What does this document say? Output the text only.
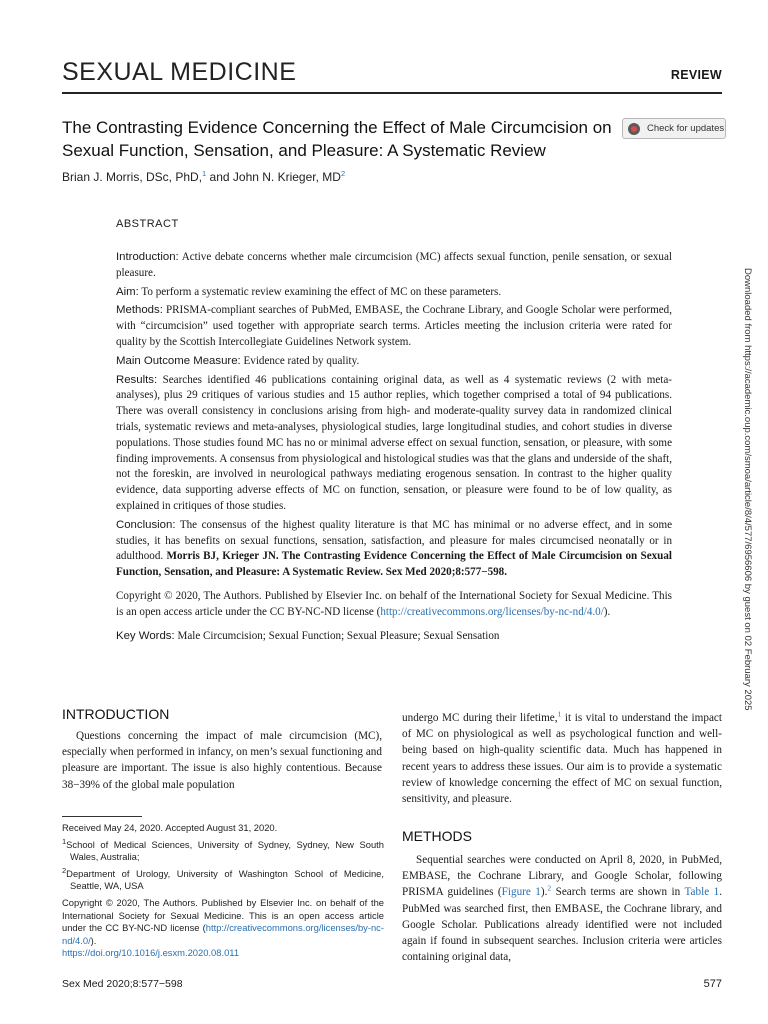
SEXUAL MEDICINE	REVIEW
The Contrasting Evidence Concerning the Effect of Male Circumcision on Sexual Function, Sensation, and Pleasure: A Systematic Review
Check for updates
Brian J. Morris, DSc, PhD,$^1$ and John N. Krieger, $MD^2$
ABSTRACT

Introduction: Active debate concerns whether male circumcision (MC) affects sexual function, penile sensation, or sexual pleasure.

Aim: To perform a systematic review examining the effect of MC on these parameters.

Methods: PRISMA-compliant searches of PubMed, EMBASE, the Cochrane Library, and Google Scholar were performed, with “circumcision” used together with appropriate search terms. Articles meeting the inclusion criteria were rated for quality by the Scottish Intercollegiate Guidelines Network system.

Main Outcome Measure: Evidence rated by quality.

Results: Searches identified 46 publications containing original data, as well as 4 systematic reviews (2 with meta-analyses), plus 29 critiques of various studies and 15 author replies, which together comprised a total of 94 publications. There was overall consistency in conclusions arising from high- and moderate-quality survey data in randomized clinical trials, systematic reviews and meta-analyses, physiological studies, large longitudinal studies, and cohort studies in diverse populations. Those studies found MC has no or minimal adverse effect on sexual function, sensation, or pleasure, with some finding improvements. A consensus from physiological and histological studies was that the glans and underside of the shaft, not the foreskin, are involved in neurological pathways mediating erogenous sensation. In contrast to the higher quality evidence, data supporting adverse effects of MC on function, sensation, or pleasure were found to be of low quality, as explained in critiques of those studies.

Conclusion: The consensus of the highest quality literature is that MC has minimal or no adverse effect, and in some studies, it has benefits on sexual functions, sensation, satisfaction, and pleasure for males circumcised neonatally or in adulthood. Morris BJ, Krieger JN. The Contrasting Evidence Concerning the Effect of Male Circumcision on Sexual Function, Sensation, and Pleasure: A Systematic Review. Sex Med 2020;8:577−598.

Copyright © 2020, The Authors. Published by Elsevier Inc. on behalf of the International Society for Sexual Medicine. This is an open access article under the CC BY-NC-ND license (http://creativecommons.org/licenses/by-nc-nd/4.0/).

Key Words: Male Circumcision; Sexual Function; Sexual Pleasure; Sexual Sensation	Downloaded from https://academic.oup.com/smoa/article/8/4/577/6956606 by guest on 02 February 2025
INTRODUCTION

Questions concerning the impact of male circumcision (MC), especially when performed in infancy, on men’s sexual functioning and pleasure are important. The issue is also highly contentious. Because 38−39% of the global male population

undergo MC during their lifetime,$^1$ it is vital to understand the impact of MC on physiological as well as psychological function and well-being based on high-quality scientific data. Much has happened in recent years to address these issues. Our aim is to provide a systematic review of knowledge concerning the effect of MC on sexual function, sensitivity, and pleasure.

METHODS

Sequential searches were conducted on April 8, 2020, in PubMed, EMBASE, the Cochrane Library, and Google Scholar, following PRISMA guidelines (Figure 1).$^2$ Search terms are shown in Table 1. PubMed was searched first, then EMBASE, the Cochrane library, and Google Scholar. Publications already identified were not included again if found in subsequent searches. Inclusion criteria were articles containing original data,

Received May 24, 2020. Accepted August 31, 2020.

$^1$School of Medical Sciences, University of Sydney, Sydney, New South Wales, Australia;

$^2$Department of Urology, University of Washington School of Medicine, Seattle, WA, USA

Copyright © 2020, The Authors. Published by Elsevier Inc. on behalf of the International Society for Sexual Medicine. This is an open access article under the CC BY-NC-ND license (http://creativecommons.org/licenses/by-nc-nd/4.0/).
https://doi.org/10.1016/j.esxm.2020.08.011

Sex Med 2020;8:577−598	577
